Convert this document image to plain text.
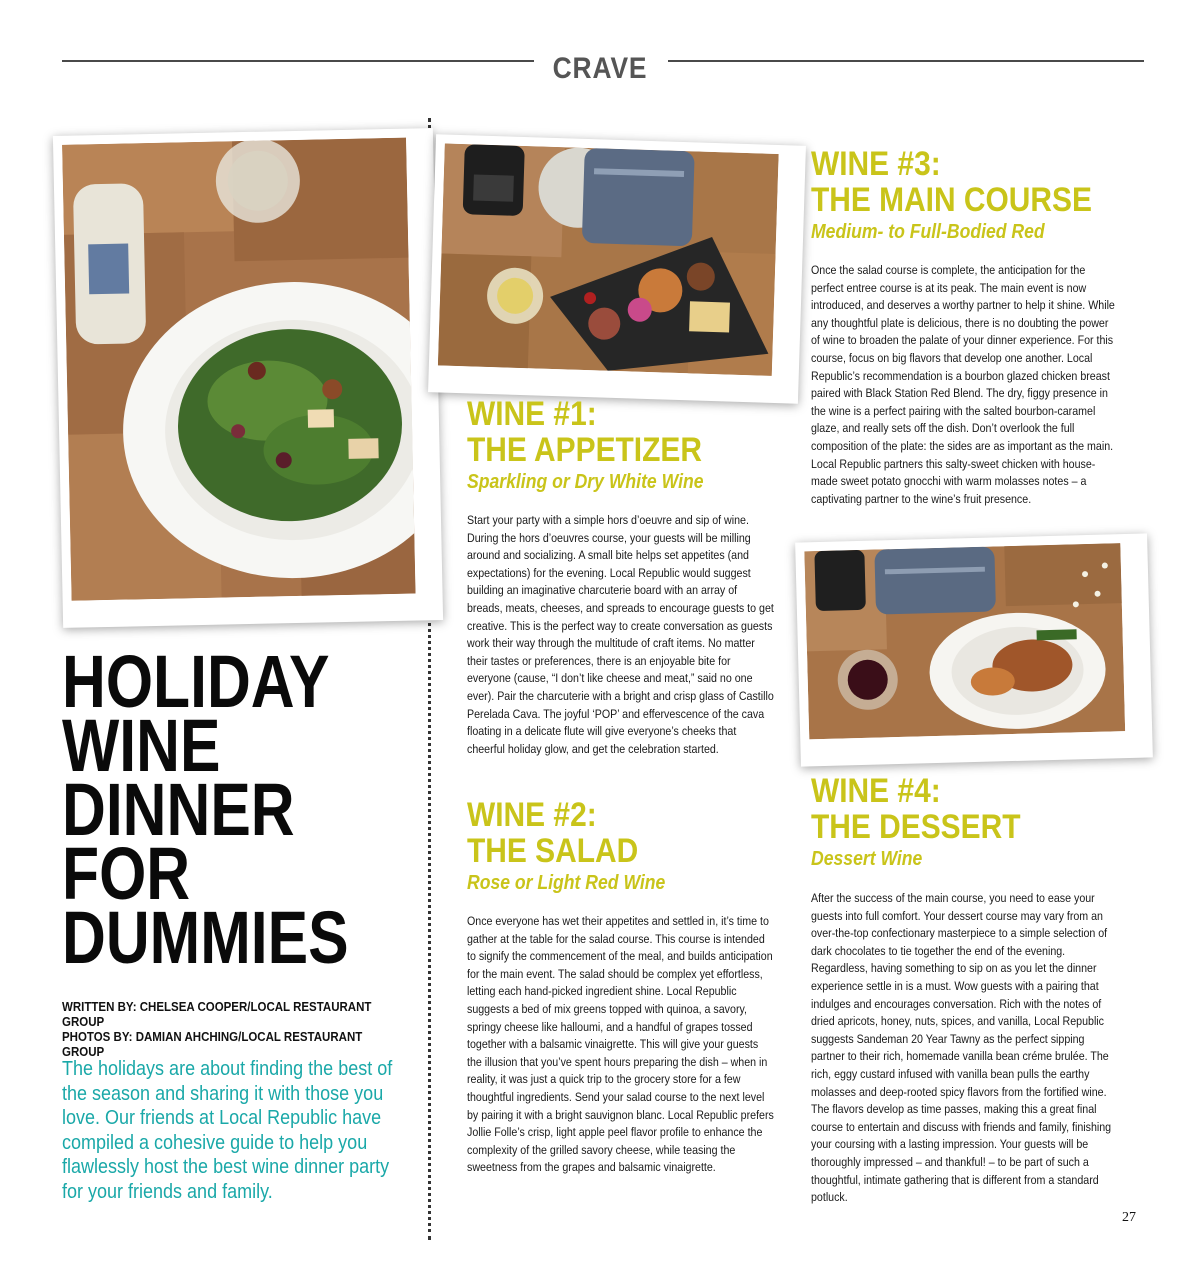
CRAVE
HOLIDAY
WINE
DINNER
FOR
DUMMIES
WRITTEN BY: CHELSEA COOPER/LOCAL RESTAURANT GROUP
PHOTOS BY: DAMIAN AHCHING/LOCAL RESTAURANT GROUP
The holidays are about finding the best of the season and sharing it with those you love. Our friends at Local Republic have compiled a cohesive guide to help you flawlessly host the best wine dinner party for your friends and family.
WINE #1:
THE APPETIZER
Sparkling or Dry White Wine
Start your party with a simple hors d’oeuvre and sip of wine. During the hors d’oeuvres course, your guests will be milling around and socializing. A small bite helps set appetites (and expectations) for the evening. Local Republic would suggest building an imaginative charcuterie board with an array of breads, meats, cheeses, and spreads to encourage guests to get creative. This is the perfect way to create conversation as guests work their way through the multitude of craft items. No matter their tastes or preferences, there is an enjoyable bite for everyone (cause, “I don’t like cheese and meat,” said no one ever). Pair the charcuterie with a bright and crisp glass of Castillo Perelada Cava. The joyful ‘POP’ and effervescence of the cava floating in a delicate flute will give everyone’s cheeks that cheerful holiday glow, and get the celebration started.
WINE #2:
THE SALAD
Rose or Light Red Wine
Once everyone has wet their appetites and settled in, it’s time to gather at the table for the salad course. This course is intended to signify the commencement of the meal, and builds anticipation for the main event. The salad should be complex yet effortless, letting each hand-picked ingredient shine. Local Republic suggests a bed of mix greens topped with quinoa, a savory, springy cheese like halloumi, and a handful of grapes tossed together with a balsamic vinaigrette. This will give your guests the illusion that you’ve spent hours preparing the dish – when in reality, it was just a quick trip to the grocery store for a few thoughtful ingredients. Send your salad course to the next level by pairing it with a bright sauvignon blanc. Local Republic prefers Jollie Folle’s crisp, light apple peel flavor profile to enhance the complexity of the grilled savory cheese, while teasing the sweetness from the grapes and balsamic vinaigrette.
WINE #3:
THE MAIN COURSE
Medium- to Full-Bodied Red
Once the salad course is complete, the anticipation for the perfect entree course is at its peak. The main event is now introduced, and deserves a worthy partner to help it shine. While any thoughtful plate is delicious, there is no doubting the power of wine to broaden the palate of your dinner experience. For this course, focus on big flavors that develop one another. Local Republic’s recommendation is a bourbon glazed chicken breast paired with Black Station Red Blend. The dry, figgy presence in the wine is a perfect pairing with the salted bourbon-caramel glaze, and really sets off the dish. Don’t overlook the full composition of the plate: the sides are as important as the main. Local Republic partners this salty-sweet chicken with house-made sweet potato gnocchi with warm molasses notes – a captivating partner to the wine’s fruit presence.
WINE #4:
THE DESSERT
Dessert Wine
After the success of the main course, you need to ease your guests into full comfort. Your dessert course may vary from an over-the-top confectionary masterpiece to a simple selection of dark chocolates to tie together the end of the evening. Regardless, having something to sip on as you let the dinner experience settle in is a must. Wow guests with a pairing that indulges and encourages conversation. Rich with the notes of dried apricots, honey, nuts, spices, and vanilla, Local Republic suggests Sandeman 20 Year Tawny as the perfect sipping partner to their rich, homemade vanilla bean créme brulée. The rich, eggy custard infused with vanilla bean pulls the earthy molasses and deep-rooted spicy flavors from the fortified wine. The flavors develop as time passes, making this a great final course to entertain and discuss with friends and family, finishing your coursing with a lasting impression. Your guests will be thoroughly impressed – and thankful! – to be part of such a thoughtful, intimate gathering that is different from a standard potluck.
27
